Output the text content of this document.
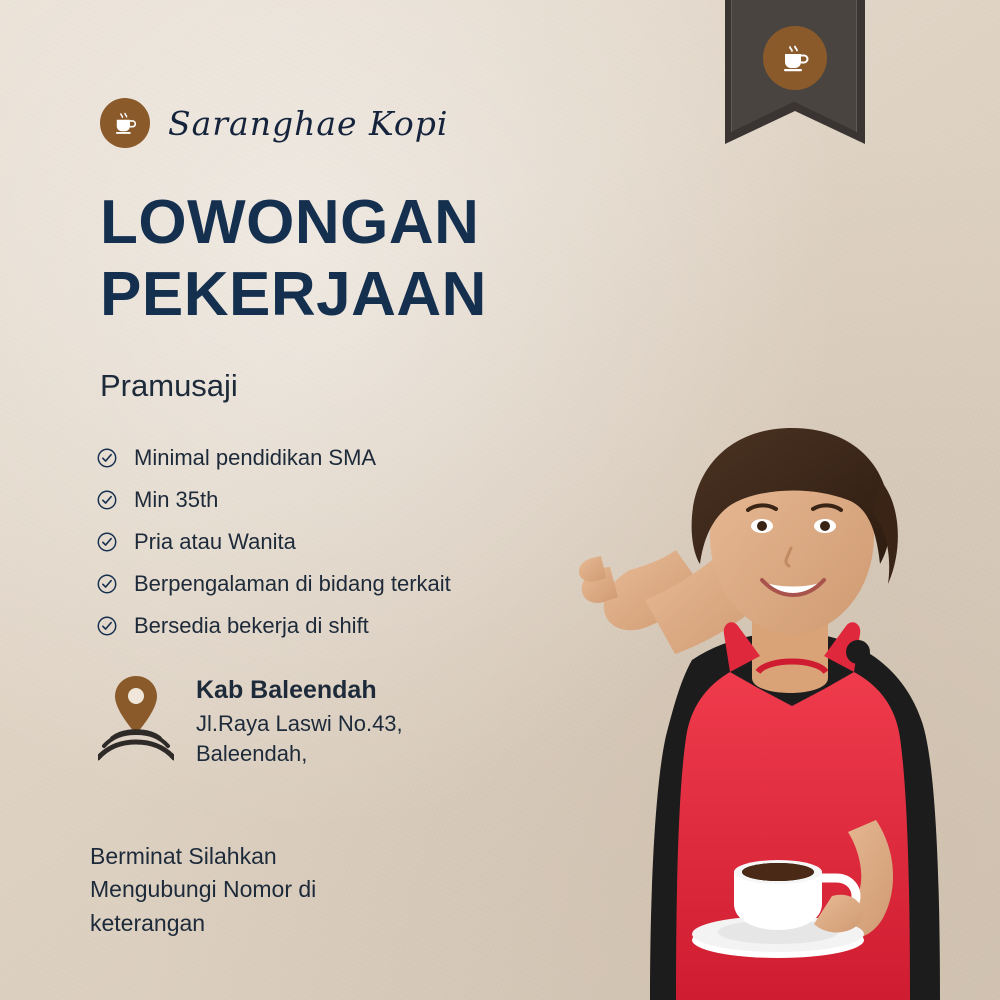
Saranghae Kopi
LOWONGAN
PEKERJAAN
Pramusaji
Minimal pendidikan SMA
Min 35th
Pria atau Wanita
Berpengalaman di bidang terkait
Bersedia bekerja di shift
Kab Baleendah
Jl.Raya Laswi No.43,
Baleendah,
Berminat Silahkan
Mengubungi Nomor di
keterangan
